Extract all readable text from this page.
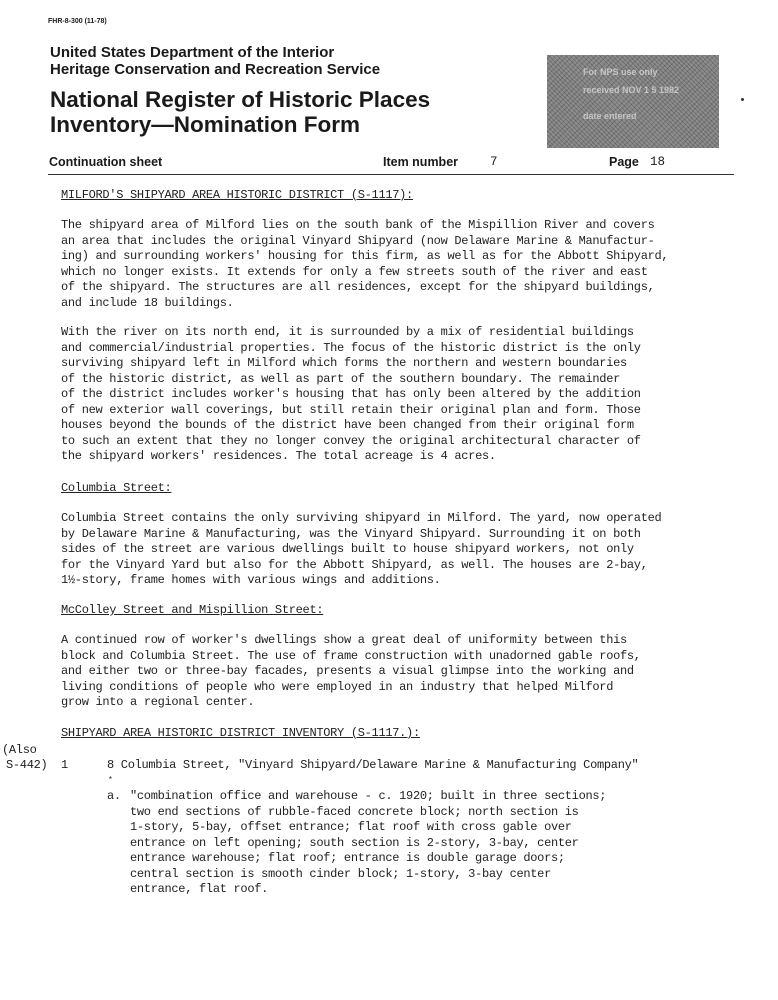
FHR-8-300 (11-78)
United States Department of the Interior
Heritage Conservation and Recreation Service
National Register of Historic Places
Inventory—Nomination Form
For NPS use only
received NOV 1 5 1982
date entered
Continuation sheet	Item number	7	Page 18
MILFORD'S SHIPYARD AREA HISTORIC DISTRICT (S-1117):
The shipyard area of Milford lies on the south bank of the Mispillion River and covers
an area that includes the original Vinyard Shipyard (now Delaware Marine & Manufactur-
ing) and surrounding workers' housing for this firm, as well as for the Abbott Shipyard,
which no longer exists. It extends for only a few streets south of the river and east
of the shipyard. The structures are all residences, except for the shipyard buildings,
and include 18 buildings.
With the river on its north end, it is surrounded by a mix of residential buildings
and commercial/industrial properties. The focus of the historic district is the only
surviving shipyard left in Milford which forms the northern and western boundaries
of the historic district, as well as part of the southern boundary. The remainder
of the district includes worker's housing that has only been altered by the addition
of new exterior wall coverings, but still retain their original plan and form. Those
houses beyond the bounds of the district have been changed from their original form
to such an extent that they no longer convey the original architectural character of
the shipyard workers' residences. The total acreage is 4 acres.
Columbia Street:
Columbia Street contains the only surviving shipyard in Milford. The yard, now operated
by Delaware Marine & Manufacturing, was the Vinyard Shipyard. Surrounding it on both
sides of the street are various dwellings built to house shipyard workers, not only
for the Vinyard Yard but also for the Abbott Shipyard, as well. The houses are 2-bay,
1½-story, frame homes with various wings and additions.
McColley Street and Mispillion Street:
A continued row of worker's dwellings show a great deal of uniformity between this
block and Columbia Street. The use of frame construction with unadorned gable roofs,
and either two or three-bay facades, presents a visual glimpse into the working and
living conditions of people who were employed in an industry that helped Milford
grow into a regional center.
SHIPYARD AREA HISTORIC DISTRICT INVENTORY (S-1117.):
(Also
S-442) 1	8 Columbia Street, "Vinyard Shipyard/Delaware Marine & Manufacturing Company"
*
a. "combination office and warehouse - c. 1920; built in three sections;
two end sections of rubble-faced concrete block; north section is
1-story, 5-bay, offset entrance; flat roof with cross gable over
entrance on left opening; south section is 2-story, 3-bay, center
entrance warehouse; flat roof; entrance is double garage doors;
central section is smooth cinder block; 1-story, 3-bay center
entrance, flat roof.
